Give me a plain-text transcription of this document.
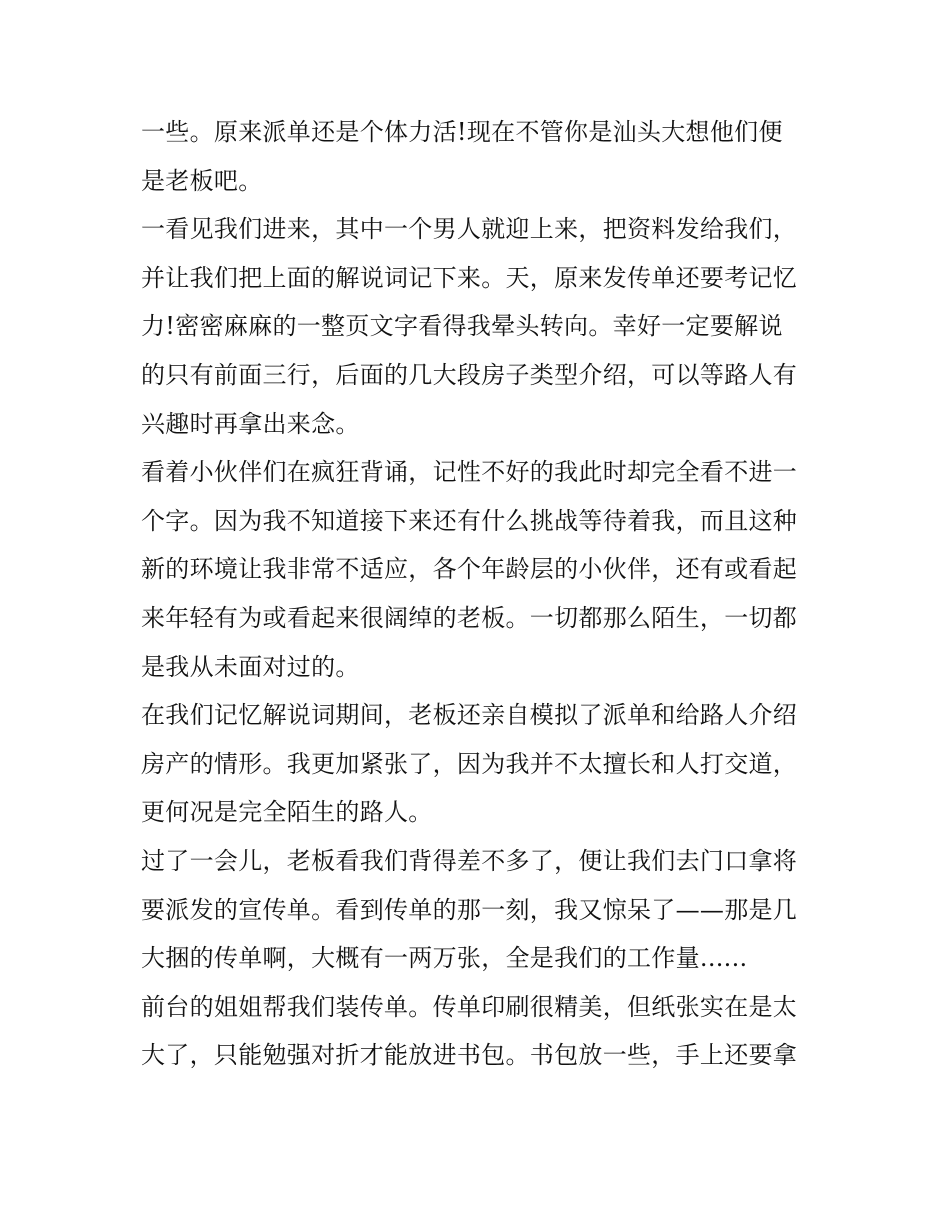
一些。原来派单还是个体力活!现在不管你是汕头大想他们便
是老板吧。
一看见我们进来，其中一个男人就迎上来，把资料发给我们，
并让我们把上面的解说词记下来。天，原来发传单还要考记忆
力!密密麻麻的一整页文字看得我晕头转向。幸好一定要解说
的只有前面三行，后面的几大段房子类型介绍，可以等路人有
兴趣时再拿出来念。
看着小伙伴们在疯狂背诵，记性不好的我此时却完全看不进一
个字。因为我不知道接下来还有什么挑战等待着我，而且这种
新的环境让我非常不适应，各个年龄层的小伙伴，还有或看起
来年轻有为或看起来很阔绰的老板。一切都那么陌生，一切都
是我从未面对过的。
在我们记忆解说词期间，老板还亲自模拟了派单和给路人介绍
房产的情形。我更加紧张了，因为我并不太擅长和人打交道，
更何况是完全陌生的路人。
过了一会儿，老板看我们背得差不多了，便让我们去门口拿将
要派发的宣传单。看到传单的那一刻，我又惊呆了——那是几
大捆的传单啊，大概有一两万张，全是我们的工作量......
前台的姐姐帮我们装传单。传单印刷很精美，但纸张实在是太
大了，只能勉强对折才能放进书包。书包放一些，手上还要拿
